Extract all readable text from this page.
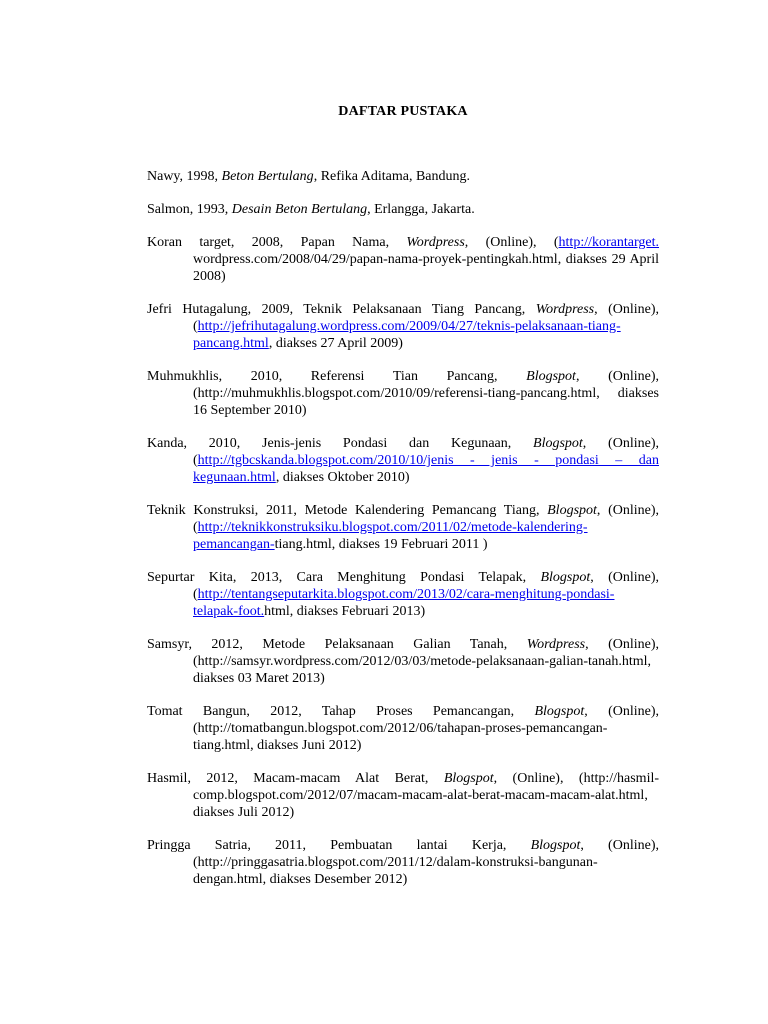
DAFTAR PUSTAKA

Nawy, 1998, Beton Bertulang, Refika Aditama, Bandung.

Salmon, 1993, Desain Beton Bertulang, Erlangga, Jakarta.

Koran target, 2008, Papan Nama, Wordpress, (Online), (http://korantarget. wordpress.com/2008/04/29/papan-nama-proyek-pentingkah.html, diakses 29 April 2008)

Jefri Hutagalung, 2009, Teknik Pelaksanaan Tiang Pancang, Wordpress, (Online), (http://jefrihutagalung.wordpress.com/2009/04/27/teknis-pelaksanaan-tiang-pancang.html, diakses 27 April 2009)

Muhmukhlis, 2010, Referensi Tian Pancang, Blogspot, (Online), (http://muhmukhlis.blogspot.com/2010/09/referensi-tiang-pancang.html, diakses 16 September 2010)

Kanda, 2010, Jenis-jenis Pondasi dan Kegunaan, Blogspot, (Online), (http://tgbcskanda.blogspot.com/2010/10/jenis - jenis - pondasi – dan kegunaan.html, diakses Oktober 2010)

Teknik Konstruksi, 2011, Metode Kalendering Pemancang Tiang, Blogspot, (Online), (http://teknikkonstruksiku.blogspot.com/2011/02/metode-kalendering-pemancangan-tiang.html, diakses 19 Februari 2011 )

Sepurtar Kita, 2013, Cara Menghitung Pondasi Telapak, Blogspot, (Online), (http://tentangseputarkita.blogspot.com/2013/02/cara-menghitung-pondasi-telapak-foot.html, diakses Februari 2013)

Samsyr, 2012, Metode Pelaksanaan Galian Tanah, Wordpress, (Online), (http://samsyr.wordpress.com/2012/03/03/metode-pelaksanaan-galian-tanah.html, diakses 03 Maret 2013)

Tomat Bangun, 2012, Tahap Proses Pemancangan, Blogspot, (Online), (http://tomatbangun.blogspot.com/2012/06/tahapan-proses-pemancangan-tiang.html, diakses Juni 2012)

Hasmil, 2012, Macam-macam Alat Berat, Blogspot, (Online), (http://hasmil-comp.blogspot.com/2012/07/macam-macam-alat-berat-macam-macam-alat.html, diakses Juli 2012)

Pringga Satria, 2011, Pembuatan lantai Kerja, Blogspot, (Online), (http://pringgasatria.blogspot.com/2011/12/dalam-konstruksi-bangunan-dengan.html, diakses Desember 2012)
